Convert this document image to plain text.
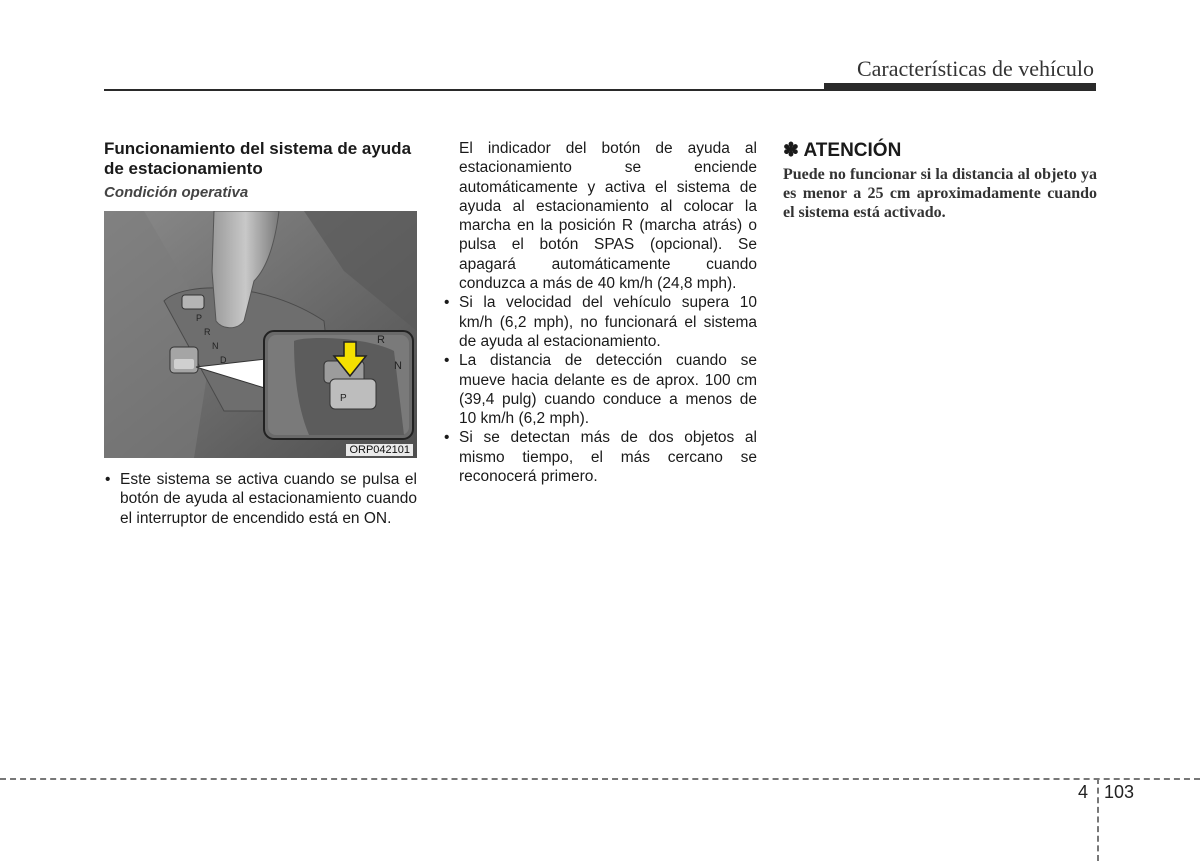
Características de vehículo
Funcionamiento del sistema de ayuda de estacionamiento
Condición operativa
P
R
N
D
P
R
N
ORP042101
• Este sistema se activa cuando se pulsa el botón de ayuda al estacionamiento cuando el interruptor de encendido está en ON.

El indicador del botón de ayuda al estacionamiento se enciende automáticamente y activa el sistema de ayuda al estacionamiento al colocar la marcha en la posición R (marcha atrás) o pulsa el botón SPAS (opcional). Se apagará automáticamente cuando conduzca a más de 40 km/h (24,8 mph).

• Si la velocidad del vehículo supera 10 km/h (6,2 mph), no funcionará el sistema de ayuda al estacionamiento.
• La distancia de detección cuando se mueve hacia delante es de aprox. 100 cm (39,4 pulg) cuando conduce a menos de 10 km/h (6,2 mph).
• Si se detectan más de dos objetos al mismo tiempo, el más cercano se reconocerá primero.
✽ ATENCIÓN

Puede no funcionar si la distancia al objeto ya es menor a 25 cm aproximadamente cuando el sistema está activado.

4 103
